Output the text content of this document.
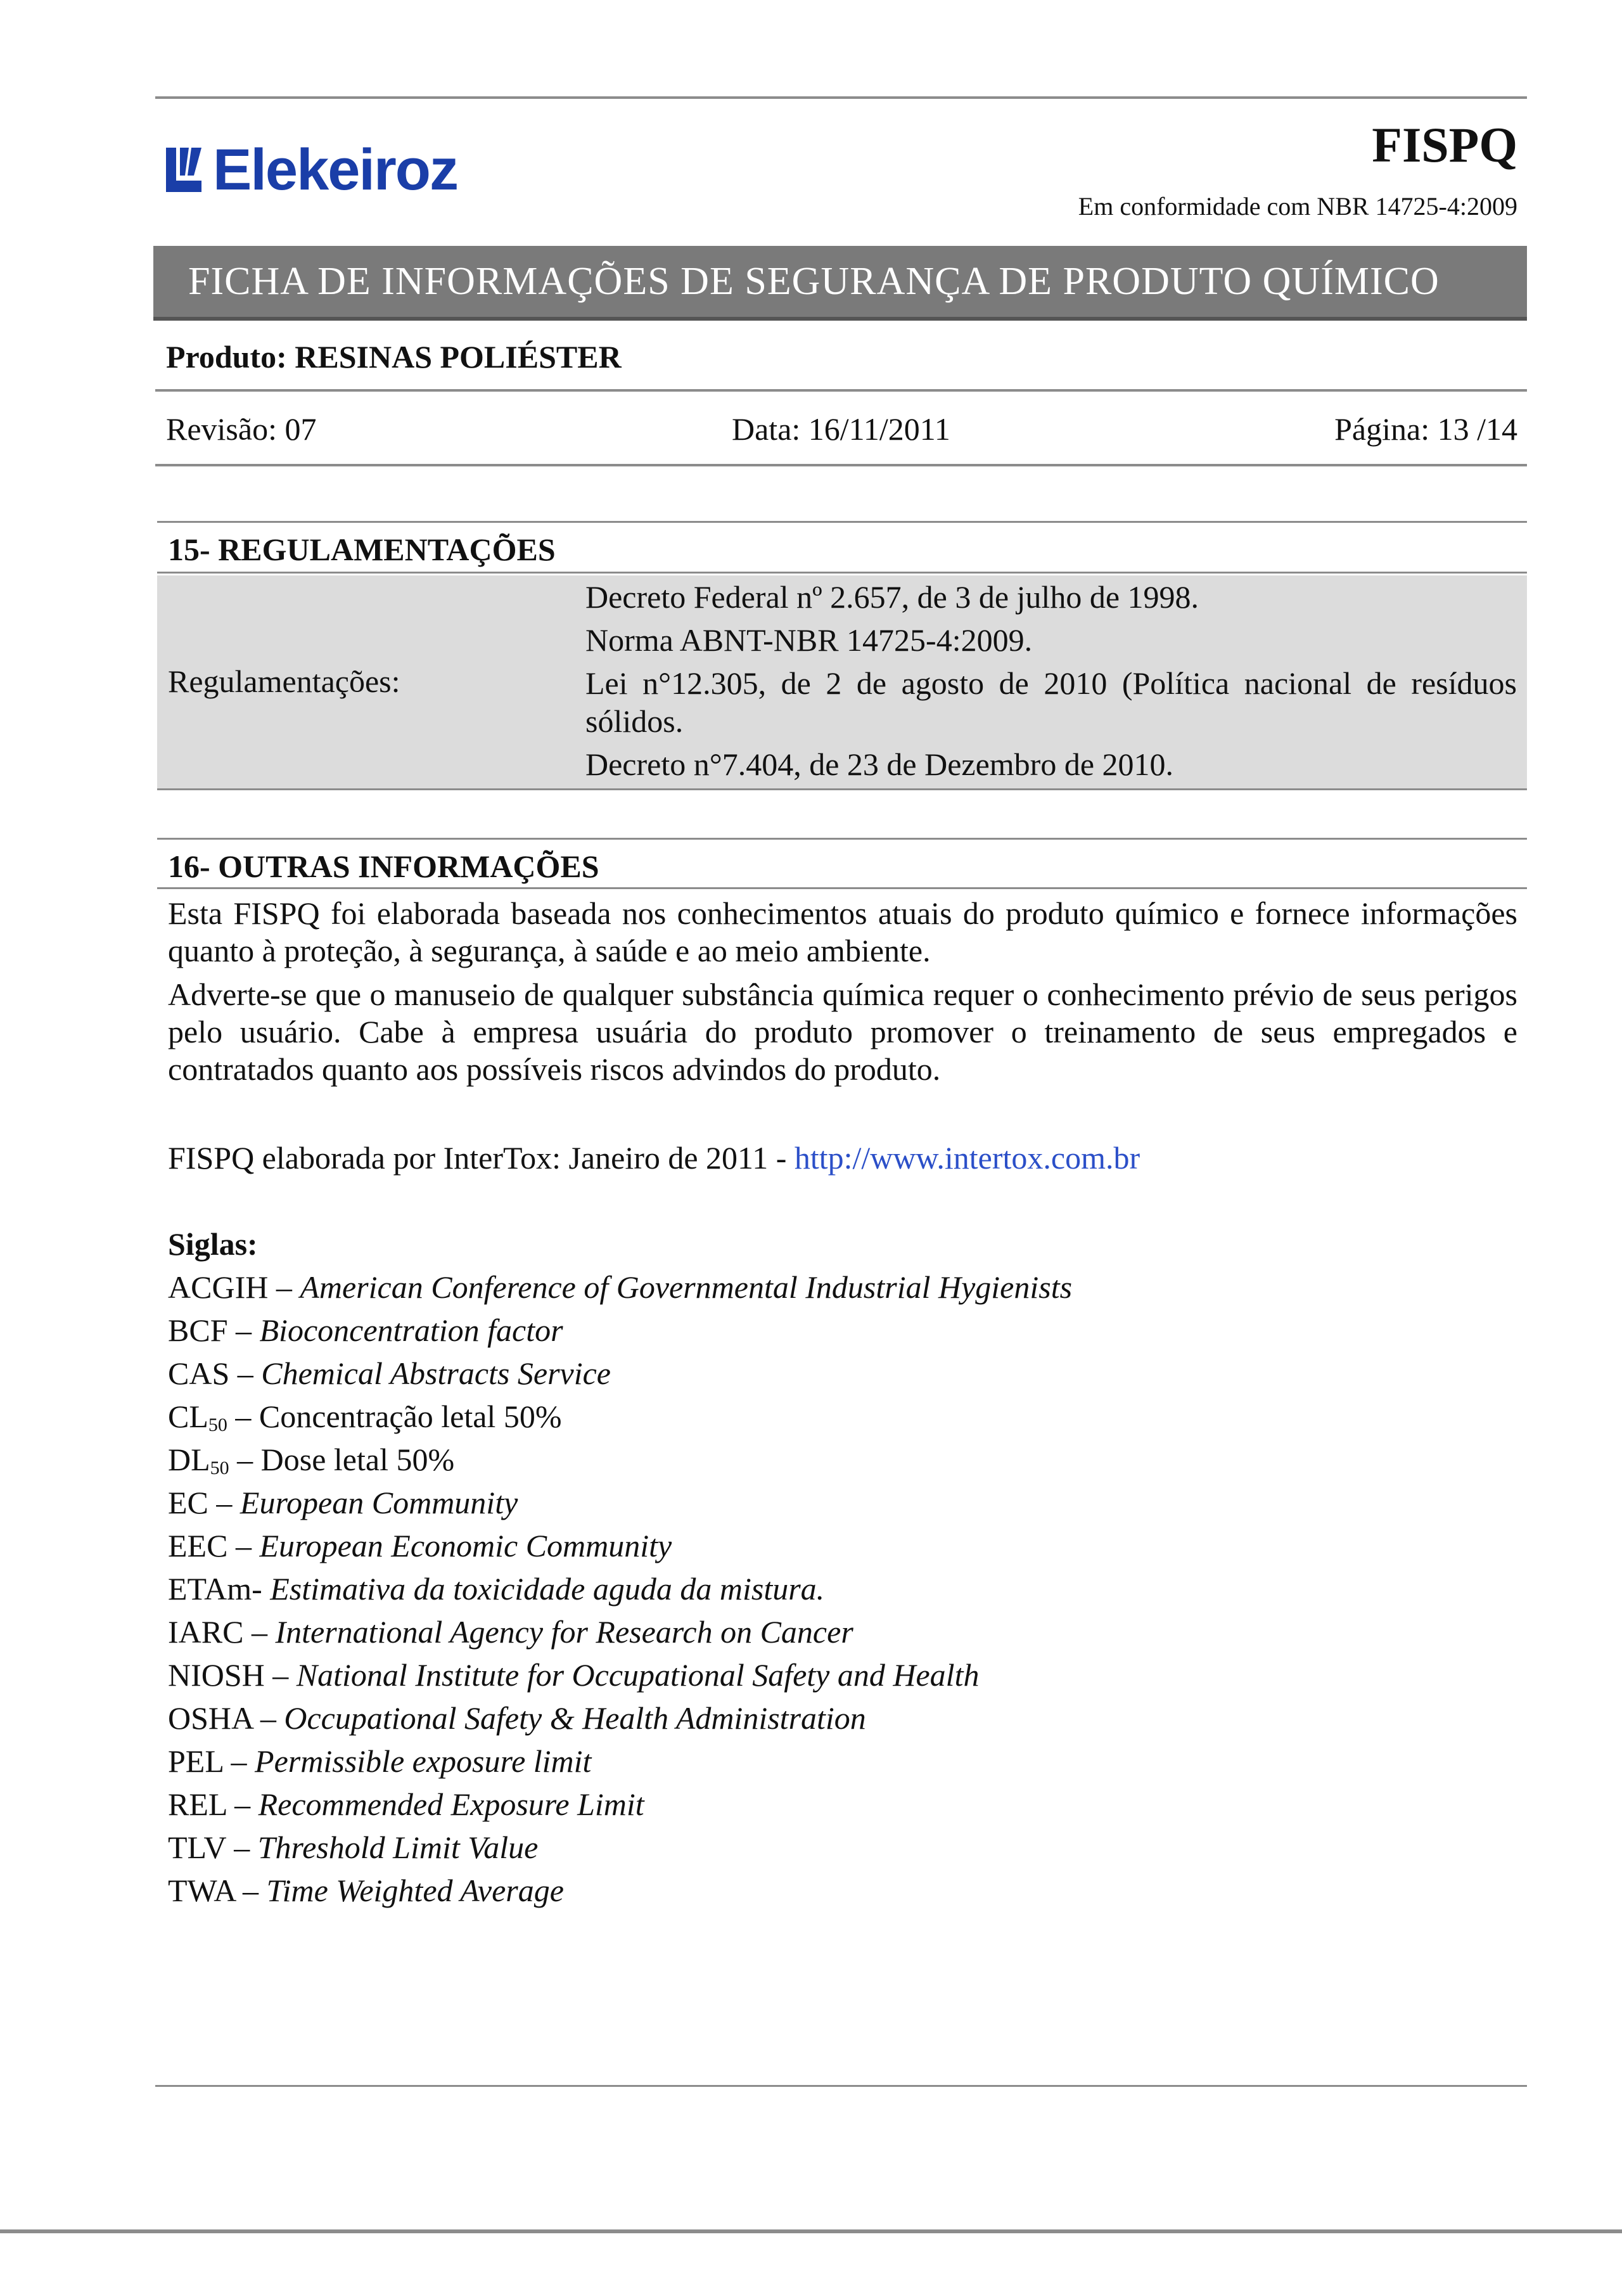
Elekeiroz	FISPQ
Em conformidade com NBR 14725-4:2009
FICHA DE INFORMAÇÕES DE SEGURANÇA DE PRODUTO QUÍMICO
Produto: RESINAS POLIÉSTER
Revisão: 07	Data: 16/11/2011	Página: 13 /14
15- REGULAMENTAÇÕES
Regulamentações:
Decreto Federal nº 2.657, de 3 de julho de 1998.
Norma ABNT-NBR 14725-4:2009.
Lei n°12.305, de 2 de agosto de 2010 (Política nacional de resíduos sólidos.
Decreto n°7.404, de 23 de Dezembro de 2010.
16- OUTRAS INFORMAÇÕES
Esta FISPQ foi elaborada baseada nos conhecimentos atuais do produto químico e fornece informações quanto à proteção, à segurança, à saúde e ao meio ambiente.
Adverte-se que o manuseio de qualquer substância química requer o conhecimento prévio de seus perigos pelo usuário. Cabe à empresa usuária do produto promover o treinamento de seus empregados e contratados quanto aos possíveis riscos advindos do produto.
FISPQ elaborada por InterTox: Janeiro de 2011 - http://www.intertox.com.br
Siglas:
ACGIH – American Conference of Governmental Industrial Hygienists
BCF – Bioconcentration factor
CAS – Chemical Abstracts Service
$CL_{50}$ – Concentração letal 50%
$DL_{50}$ – Dose letal 50%
EC – European Community
EEC – European Economic Community
ETAm- Estimativa da toxicidade aguda da mistura.
IARC – International Agency for Research on Cancer
NIOSH – National Institute for Occupational Safety and Health
OSHA – Occupational Safety & Health Administration
PEL – Permissible exposure limit
REL – Recommended Exposure Limit
TLV – Threshold Limit Value
TWA – Time Weighted Average
